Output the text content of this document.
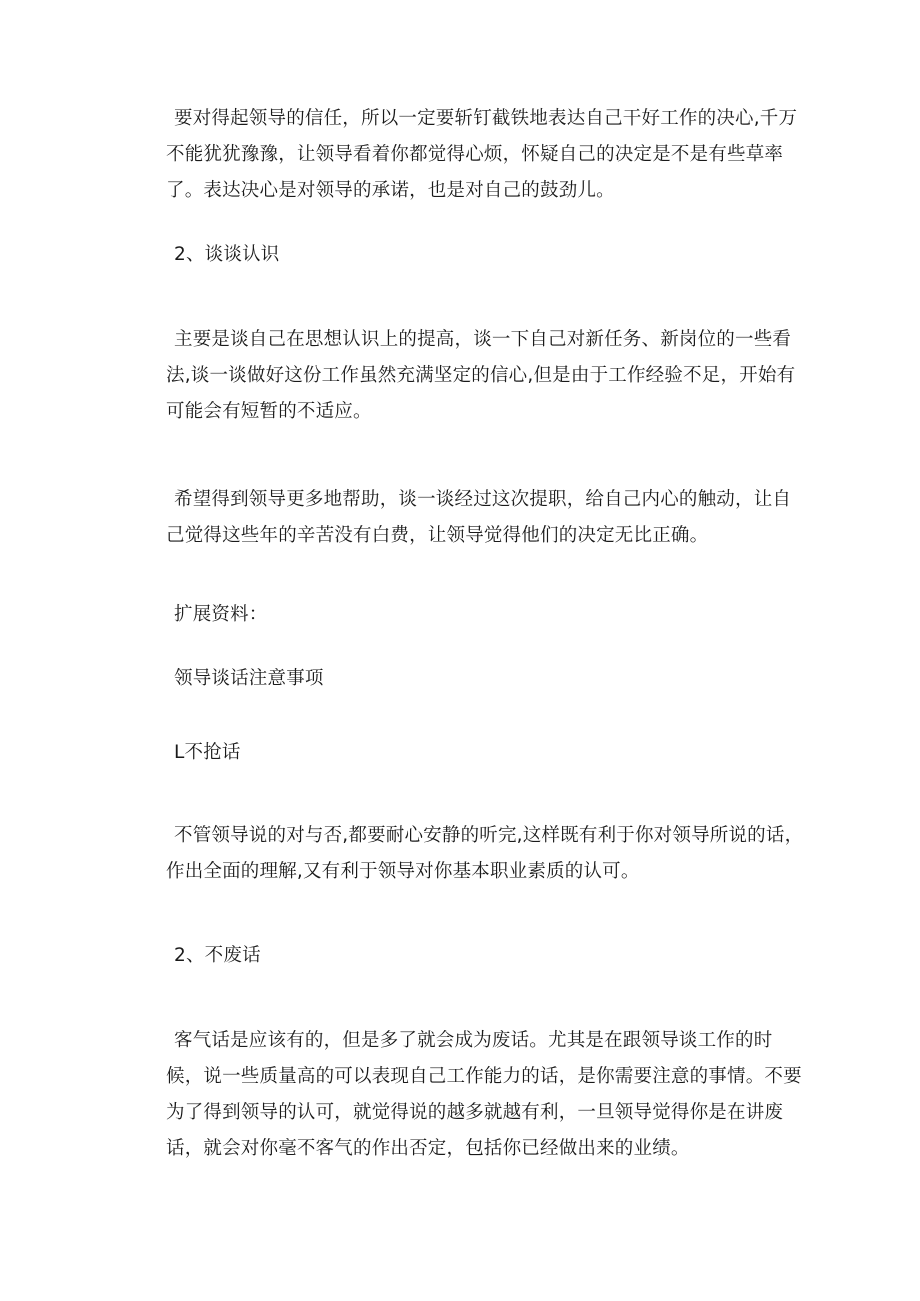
要对得起领导的信任，所以一定要斩钉截铁地表达自己干好工作的决心,千万不能犹犹豫豫，让领导看着你都觉得心烦，怀疑自己的决定是不是有些草率了。表达决心是对领导的承诺，也是对自己的鼓劲儿。

2、谈谈认识

主要是谈自己在思想认识上的提高，谈一下自己对新任务、新岗位的一些看法,谈一谈做好这份工作虽然充满坚定的信心,但是由于工作经验不足，开始有可能会有短暂的不适应。

希望得到领导更多地帮助，谈一谈经过这次提职，给自己内心的触动，让自己觉得这些年的辛苦没有白费，让领导觉得他们的决定无比正确。

扩展资料：

领导谈话注意事项

L不抢话

不管领导说的对与否,都要耐心安静的听完,这样既有利于你对领导所说的话，作出全面的理解,又有利于领导对你基本职业素质的认可。

2、不废话

客气话是应该有的，但是多了就会成为废话。尤其是在跟领导谈工作的时候，说一些质量高的可以表现自己工作能力的话，是你需要注意的事情。不要为了得到领导的认可，就觉得说的越多就越有利，一旦领导觉得你是在讲废话，就会对你毫不客气的作出否定，包括你已经做出来的业绩。
